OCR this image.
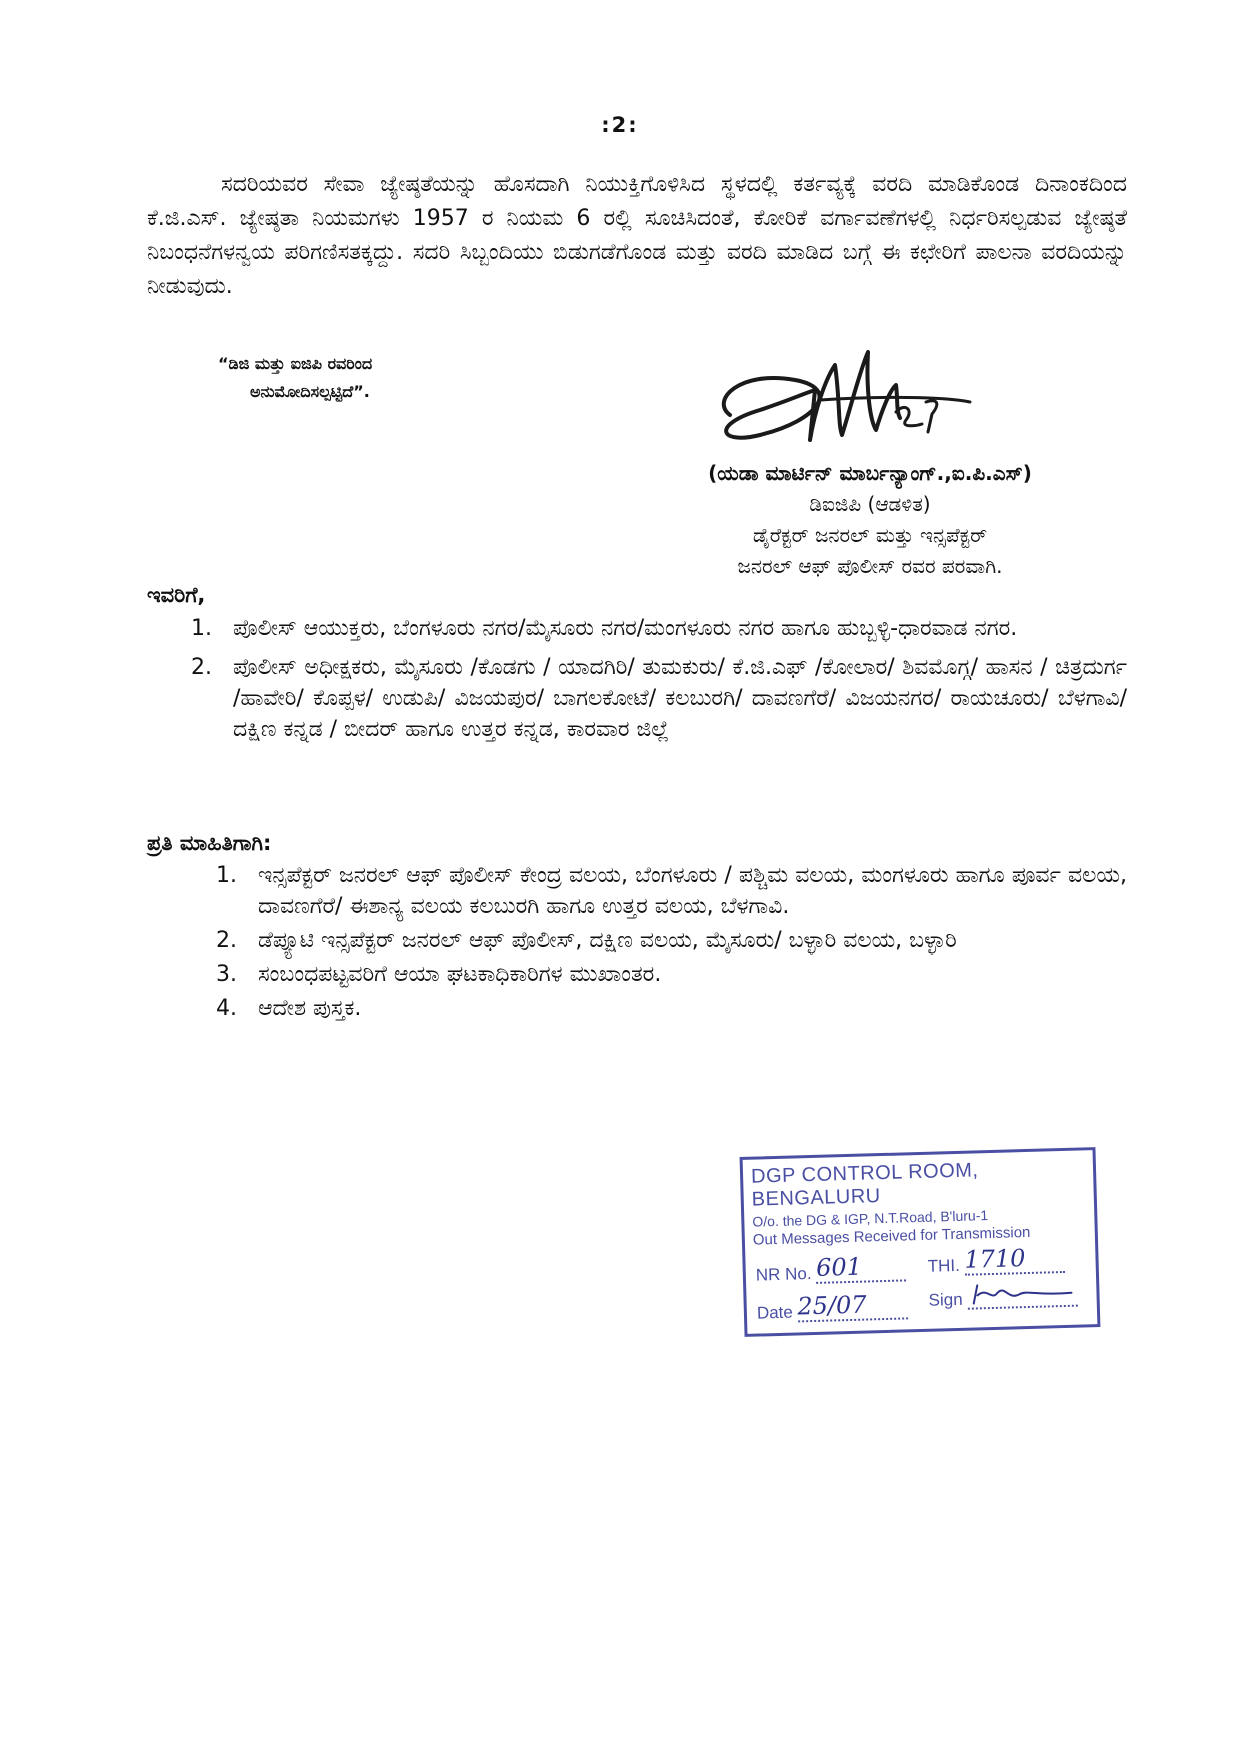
:2:
ಸದರಿಯವರ ಸೇವಾ ಜ್ಯೇಷ್ಠತೆಯನ್ನು ಹೊಸದಾಗಿ ನಿಯುಕ್ತಿಗೊಳಿಸಿದ ಸ್ಥಳದಲ್ಲಿ ಕರ್ತವ್ಯಕ್ಕೆ ವರದಿ ಮಾಡಿಕೊಂಡ ದಿನಾಂಕದಿಂದ ಕೆ.ಜಿ.ಎಸ್. ಜ್ಯೇಷ್ಠತಾ ನಿಯಮಗಳು 1957 ರ ನಿಯಮ 6 ರಲ್ಲಿ ಸೂಚಿಸಿದಂತೆ, ಕೋರಿಕೆ ವರ್ಗಾವಣೆಗಳಲ್ಲಿ ನಿರ್ಧರಿಸಲ್ಪಡುವ ಜ್ಯೇಷ್ಠತೆ ನಿಬಂಧನೆಗಳನ್ವಯ ಪರಿಗಣಿಸತಕ್ಕದ್ದು. ಸದರಿ ಸಿಬ್ಬಂದಿಯು ಬಿಡುಗಡೆಗೊಂಡ ಮತ್ತು ವರದಿ ಮಾಡಿದ ಬಗ್ಗೆ ಈ ಕಛೇರಿಗೆ ಪಾಲನಾ ವರದಿಯನ್ನು ನೀಡುವುದು.
“ಡಿಜಿ ಮತ್ತು ಐಜಿಪಿ ರವರಿಂದ
ಅನುಮೋದಿಸಲ್ಪಟ್ಟಿದೆ”.
(ಯಡಾ ಮಾರ್ಟಿನ್ ಮಾರ್ಬನ್ಯಾಂಗ್.,ಐ.ಪಿ.ಎಸ್)
ಡಿಐಜಿಪಿ (ಆಡಳಿತ)
ಡೈರೆಕ್ಟರ್ ಜನರಲ್ ಮತ್ತು ಇನ್ಸಪೆಕ್ಟರ್
ಜನರಲ್ ಆಫ್ ಪೊಲೀಸ್ ರವರ ಪರವಾಗಿ.
ಇವರಿಗೆ,
1. ಪೊಲೀಸ್ ಆಯುಕ್ತರು, ಬೆಂಗಳೂರು ನಗರ/ಮೈಸೂರು ನಗರ/ಮಂಗಳೂರು ನಗರ ಹಾಗೂ ಹುಬ್ಬಳ್ಳಿ-ಧಾರವಾಡ ನಗರ.
2. ಪೊಲೀಸ್ ಅಧೀಕ್ಷಕರು, ಮೈಸೂರು /ಕೊಡಗು / ಯಾದಗಿರಿ/ ತುಮಕುರು/ ಕೆ.ಜಿ.ಎಫ್ /ಕೋಲಾರ/ ಶಿವಮೊಗ್ಗ/ ಹಾಸನ / ಚಿತ್ರದುರ್ಗ /ಹಾವೇರಿ/ ಕೊಪ್ಪಳ/ ಉಡುಪಿ/ ವಿಜಯಪುರ/ ಬಾಗಲಕೋಟೆ/ ಕಲಬುರಗಿ/ ದಾವಣಗೆರೆ/ ವಿಜಯನಗರ/ ರಾಯಚೂರು/ ಬೆಳಗಾವಿ/ ದಕ್ಷಿಣ ಕನ್ನಡ / ಬೀದರ್ ಹಾಗೂ ಉತ್ತರ ಕನ್ನಡ, ಕಾರವಾರ ಜಿಲ್ಲೆ
ಪ್ರತಿ ಮಾಹಿತಿಗಾಗಿ:
1. ಇನ್ಸಪೆಕ್ಟರ್ ಜನರಲ್ ಆಫ್ ಪೊಲೀಸ್ ಕೇಂದ್ರ ವಲಯ, ಬೆಂಗಳೂರು / ಪಶ್ಚಿಮ ವಲಯ, ಮಂಗಳೂರು ಹಾಗೂ ಪೂರ್ವ ವಲಯ, ದಾವಣಗೆರೆ/ ಈಶಾನ್ಯ ವಲಯ ಕಲಬುರಗಿ ಹಾಗೂ ಉತ್ತರ ವಲಯ, ಬೆಳಗಾವಿ.
2. ಡೆಪ್ಯೂಟಿ ಇನ್ಸಪೆಕ್ಟರ್ ಜನರಲ್ ಆಫ್ ಪೊಲೀಸ್, ದಕ್ಷಿಣ ವಲಯ, ಮೈಸೂರು/ ಬಳ್ಳಾರಿ ವಲಯ, ಬಳ್ಳಾರಿ
3. ಸಂಬಂಧಪಟ್ಟವರಿಗೆ ಆಯಾ ಘಟಕಾಧಿಕಾರಿಗಳ ಮುಖಾಂತರ.
4. ಆದೇಶ ಪುಸ್ತಕ.
DGP CONTROL ROOM, BENGALURU
O/o. the DG & IGP, N.T.Road, B'luru-1
Out Messages Received for Transmission
NR No. 601	THI. 1710
Date 25/07	Sign
